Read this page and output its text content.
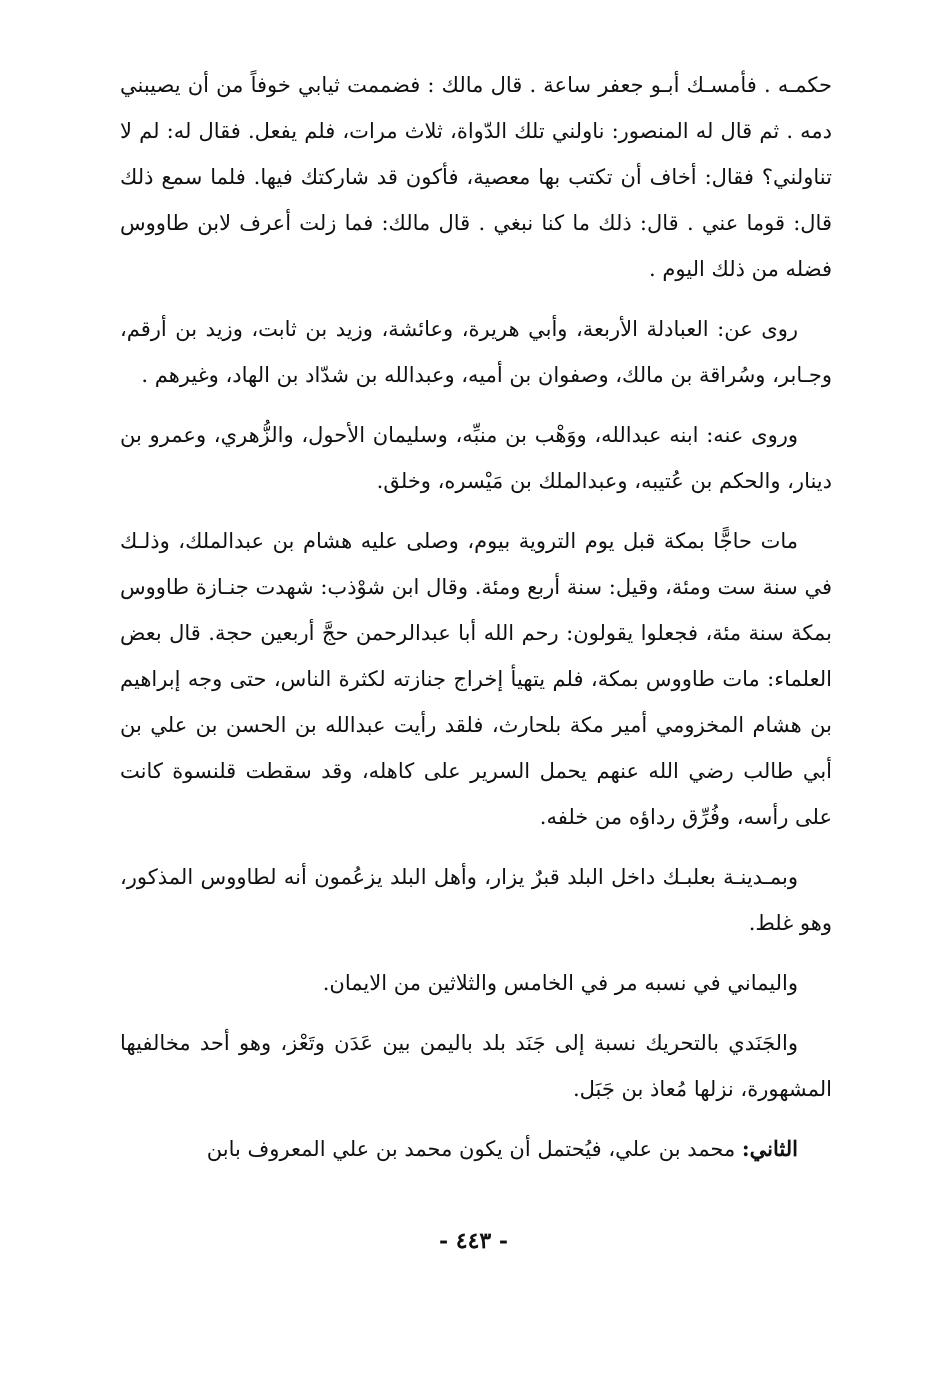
حكمـه . فأمسـك أبـو جعفر ساعة . قال مالك : فضممت ثيابي خوفاً من أن يصيبني دمه . ثم قال له المنصور: ناولني تلك الدّواة، ثلاث مرات، فلم يفعل. فقال له: لم لا تناولني؟ فقال: أخاف أن تكتب بها معصية، فأكون قد شاركتك فيها. فلما سمع ذلك قال: قوما عني . قال: ذلك ما كنا نبغي . قال مالك: فما زلت أعرف لابن طاووس فضله من ذلك اليوم .

روى عن: العبادلة الأربعة، وأبي هريرة، وعائشة، وزيد بن ثابت، وزيد بن أرقم، وجـابر، وسُراقة بن مالك، وصفوان بن أميه، وعبدالله بن شدّاد بن الهاد، وغيرهم .

وروى عنه: ابنه عبدالله، ووَهْب بن منبِّه، وسليمان الأحول، والزُّهري، وعمرو بن دينار، والحكم بن عُتيبه، وعبدالملك بن مَيْسره، وخلق.

مات حاجًّا بمكة قبل يوم التروية بيوم، وصلى عليه هشام بن عبدالملك، وذلـك في سنة ست ومئة، وقيل: سنة أربع ومئة. وقال ابن شوْذب: شهدت جنـازة طاووس بمكة سنة مئة، فجعلوا يقولون: رحم الله أبا عبدالرحمن حجَّ أربعين حجة. قال بعض العلماء: مات طاووس بمكة، فلم يتهيأ إخراج جنازته لكثرة الناس، حتى وجه إبراهيم بن هشام المخزومي أمير مكة بلحارث، فلقد رأيت عبدالله بن الحسن بن علي بن أبي طالب رضي الله عنهم يحمل السرير على كاهله، وقد سقطت قلنسوة كانت على رأسه، وفُرِّق رداؤه من خلفه.

وبمـدينـة بعلبـك داخل البلد قبرٌ يزار، وأهل البلد يزعُمون أنه لطاووس المذكور، وهو غلط.

واليماني في نسبه مر في الخامس والثلاثين من الايمان.

والجَنَدي بالتحريك نسبة إلى جَنَد بلد باليمن بين عَدَن وتَعْز، وهو أحد مخالفيها المشهورة، نزلها مُعاذ بن جَبَل.

الثاني: محمد بن علي، فيُحتمل أن يكون محمد بن علي المعروف بابن

- ٤٤٣ -
